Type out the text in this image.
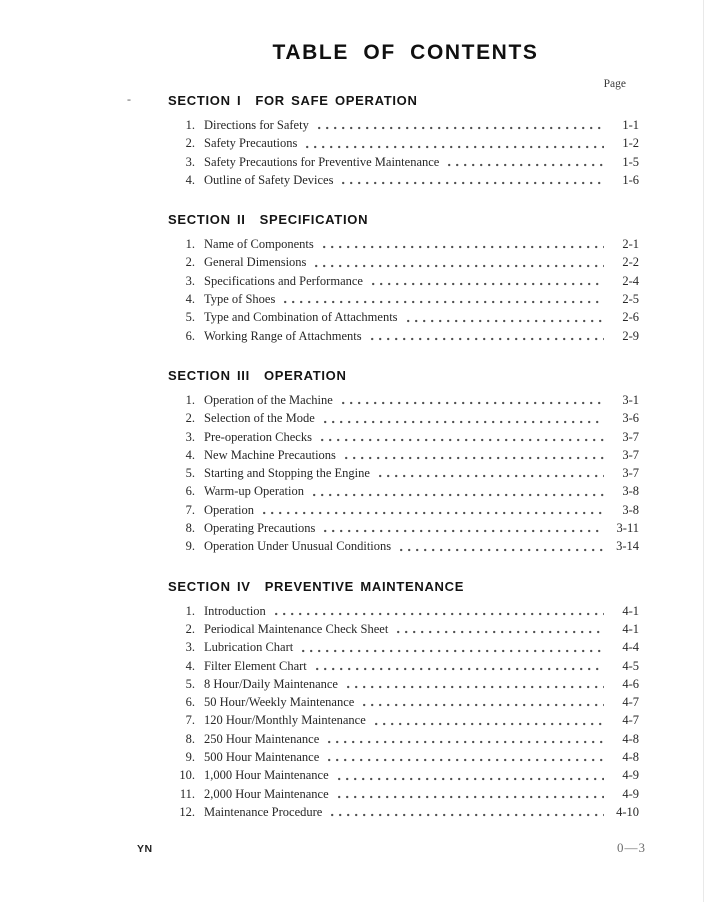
TABLE OF CONTENTS
Page
-	SECTION I FOR SAFE OPERATION
1. Directions for Safety	1-1
2. Safety Precautions	1-2
3. Safety Precautions for Preventive Maintenance	1-5
4. Outline of Safety Devices	1-6
SECTION II SPECIFICATION
1. Name of Components	2-1
2. General Dimensions	2-2
3. Specifications and Performance	2-4
4. Type of Shoes	2-5
5. Type and Combination of Attachments	2-6
6. Working Range of Attachments	2-9
SECTION III OPERATION
1. Operation of the Machine	3-1
2. Selection of the Mode	3-6
3. Pre-operation Checks	3-7
4. New Machine Precautions	3-7
5. Starting and Stopping the Engine	3-7
6. Warm-up Operation	3-8
7. Operation	3-8
8. Operating Precautions	3-11
9. Operation Under Unusual Conditions	3-14
SECTION IV PREVENTIVE MAINTENANCE
1. Introduction	4-1
2. Periodical Maintenance Check Sheet	4-1
3. Lubrication Chart	4-4
4. Filter Element Chart	4-5
5. 8 Hour/Daily Maintenance	4-6
6. 50 Hour/Weekly Maintenance	4-7
7. 120 Hour/Monthly Maintenance	4-7
8. 250 Hour Maintenance	4-8
9. 500 Hour Maintenance	4-8
10. 1,000 Hour Maintenance	4-9
11. 2,000 Hour Maintenance	4-9
12. Maintenance Procedure	4-10
YN	0—3
